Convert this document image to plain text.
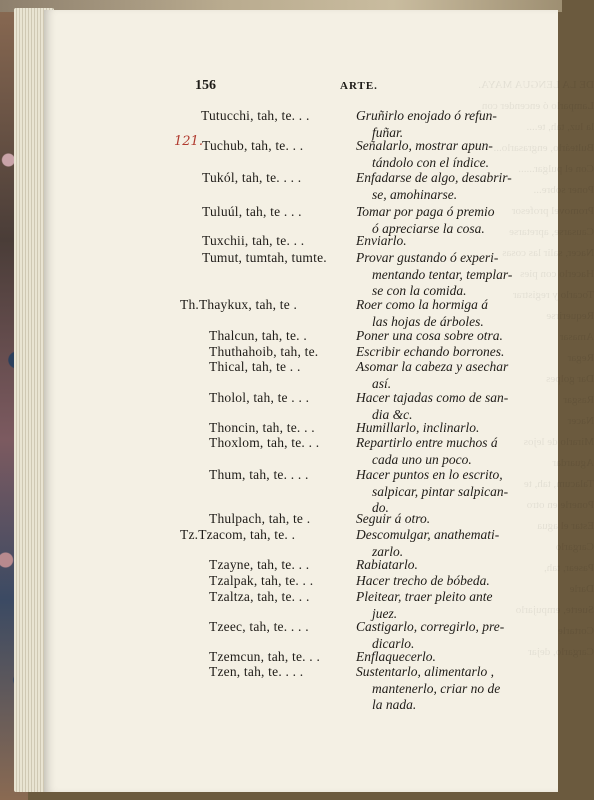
DE LA LENGUA MAYA.
Lamparlo ó encender con
la luz, tah, te....
Bulteárlo, engrasarlo...
Con el pulgar......
Poner sobre...
Promovel profesor
Causarse, apretarse
Nacer, salir las cosas
Hacerlo con pies
Tocarlo y registrar
Requerirse
Amasar
Regar
Dar golpes
Rasgar
Nacer
Mirarlo de lejos
Aguardar
Talacum, tah, te
Ponerle en otro
Estar el agua
Cargarlo
Pasear, tah,
Darle
Suerte, empujarlo
Cortarle
Cargarlo, dejar
156	ARTE.
121.
Tutucchi, tah, te. . .	Gruñirlo enojado ó refun-
fuñar.
Tuchub, tah, te. . .	Señalarlo, mostrar apun-
tándolo con el índice.
Tukól, tah, te. . . .	Enfadarse de algo, desabrir-
se, amohinarse.
Tuluúl, tah, te . . .	Tomar por paga ó premio
ó apreciarse la cosa.
Tuxchii, tah, te. . .	Enviarlo.
Tumut, tumtah, tumte. Provar gustando ó experi-
mentando tentar, templar-
se con la comida.
Th.Thaykux, tah, te .	Roer como la hormiga á
las hojas de árboles.
Thalcun, tah, te. .	Poner una cosa sobre otra.
Thuthahoib, tah, te.	Escribir echando borrones.
Thical, tah, te . .	Asomar la cabeza y asechar
así.
Tholol, tah, te . . .	Hacer tajadas como de san-
dia &c.
Thoncin, tah, te. . .	Humillarlo, inclinarlo.
Thoxlom, tah, te. . .	Repartirlo entre muchos á
cada uno un poco.
Thum, tah, te. . . .	Hacer puntos en lo escrito,
salpicar, pintar salpican-
do.
Thulpach, tah, te .	Seguir á otro.
Tz.Tzacom, tah, te. .	Descomulgar, anathemati-
zarlo.
Tzayne, tah, te. . .	Rabiatarlo.
Tzalpak, tah, te. . .	Hacer trecho de bóbeda.
Tzaltza, tah, te. . .	Pleitear, traer pleito ante
juez.
Tzeec, tah, te. . . .	Castigarlo, corregirlo, pre-
dicarlo.
Tzemcun, tah, te. . .	Enflaquecerlo.
Tzen, tah, te. . . .	Sustentarlo, alimentarlo ,
mantenerlo, criar no de
la nada.
